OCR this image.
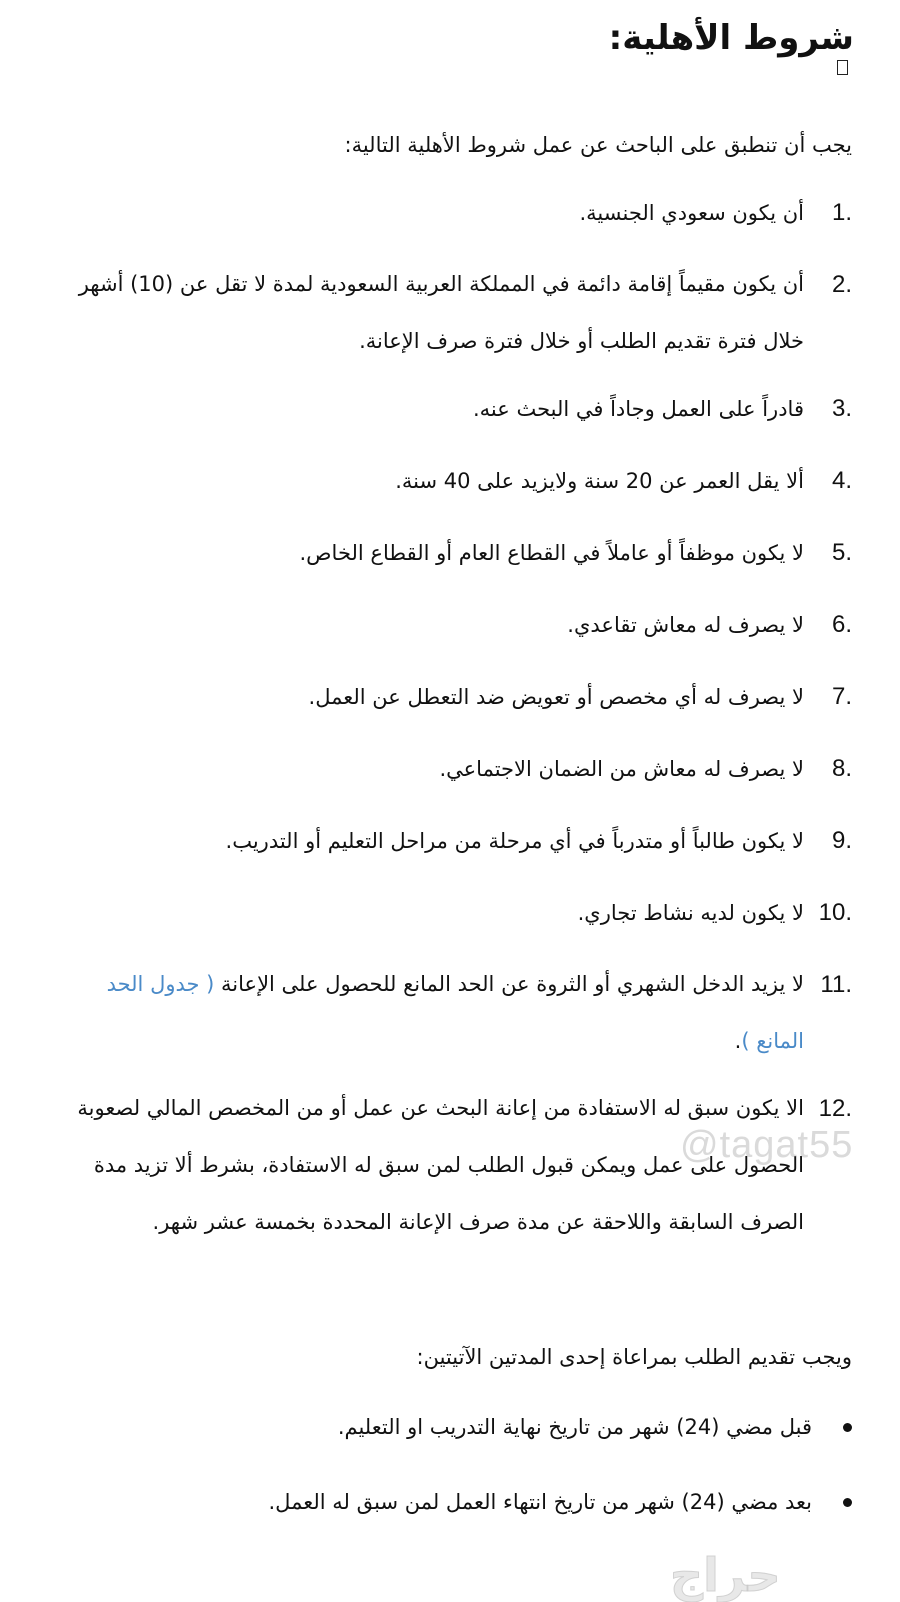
شروط الأهلية:

يجب أن تنطبق على الباحث عن عمل شروط الأهلية التالية:

1.
أن يكون سعودي الجنسية.
2.
أن يكون مقيماً إقامة دائمة في المملكة العربية السعودية لمدة لا تقل عن (10) أشهر خلال فترة تقديم الطلب أو خلال فترة صرف الإعانة.
3.
قادراً على العمل وجاداً في البحث عنه.
4.
ألا يقل العمر عن 20 سنة ولايزيد على 40 سنة.
5.
لا يكون موظفاً أو عاملاً في القطاع العام أو القطاع الخاص.
6.
لا يصرف له معاش تقاعدي.
7.
لا يصرف له أي مخصص أو تعويض ضد التعطل عن العمل.
8.
لا يصرف له معاش من الضمان الاجتماعي.
9.
لا يكون طالباً أو متدرباً في أي مرحلة من مراحل التعليم أو التدريب.
10.
لا يكون لديه نشاط تجاري.
11.
لا يزيد الدخل الشهري أو الثروة عن الحد المانع للحصول على الإعانة ( جدول الحد المانع ).
12.
الا يكون سبق له الاستفادة من إعانة البحث عن عمل أو من المخصص المالي لصعوبة الحصول على عمل ويمكن قبول الطلب لمن سبق له الاستفادة، بشرط ألا تزيد مدة الصرف السابقة واللاحقة عن مدة صرف الإعانة المحددة بخمسة عشر شهر.

ويجب تقديم الطلب بمراعاة إحدى المدتين الآتيتين:

قبل مضي (24) شهر من تاريخ نهاية التدريب او التعليم.
بعد مضي (24) شهر من تاريخ انتهاء العمل لمن سبق له العمل.
@tagat55
حراج
